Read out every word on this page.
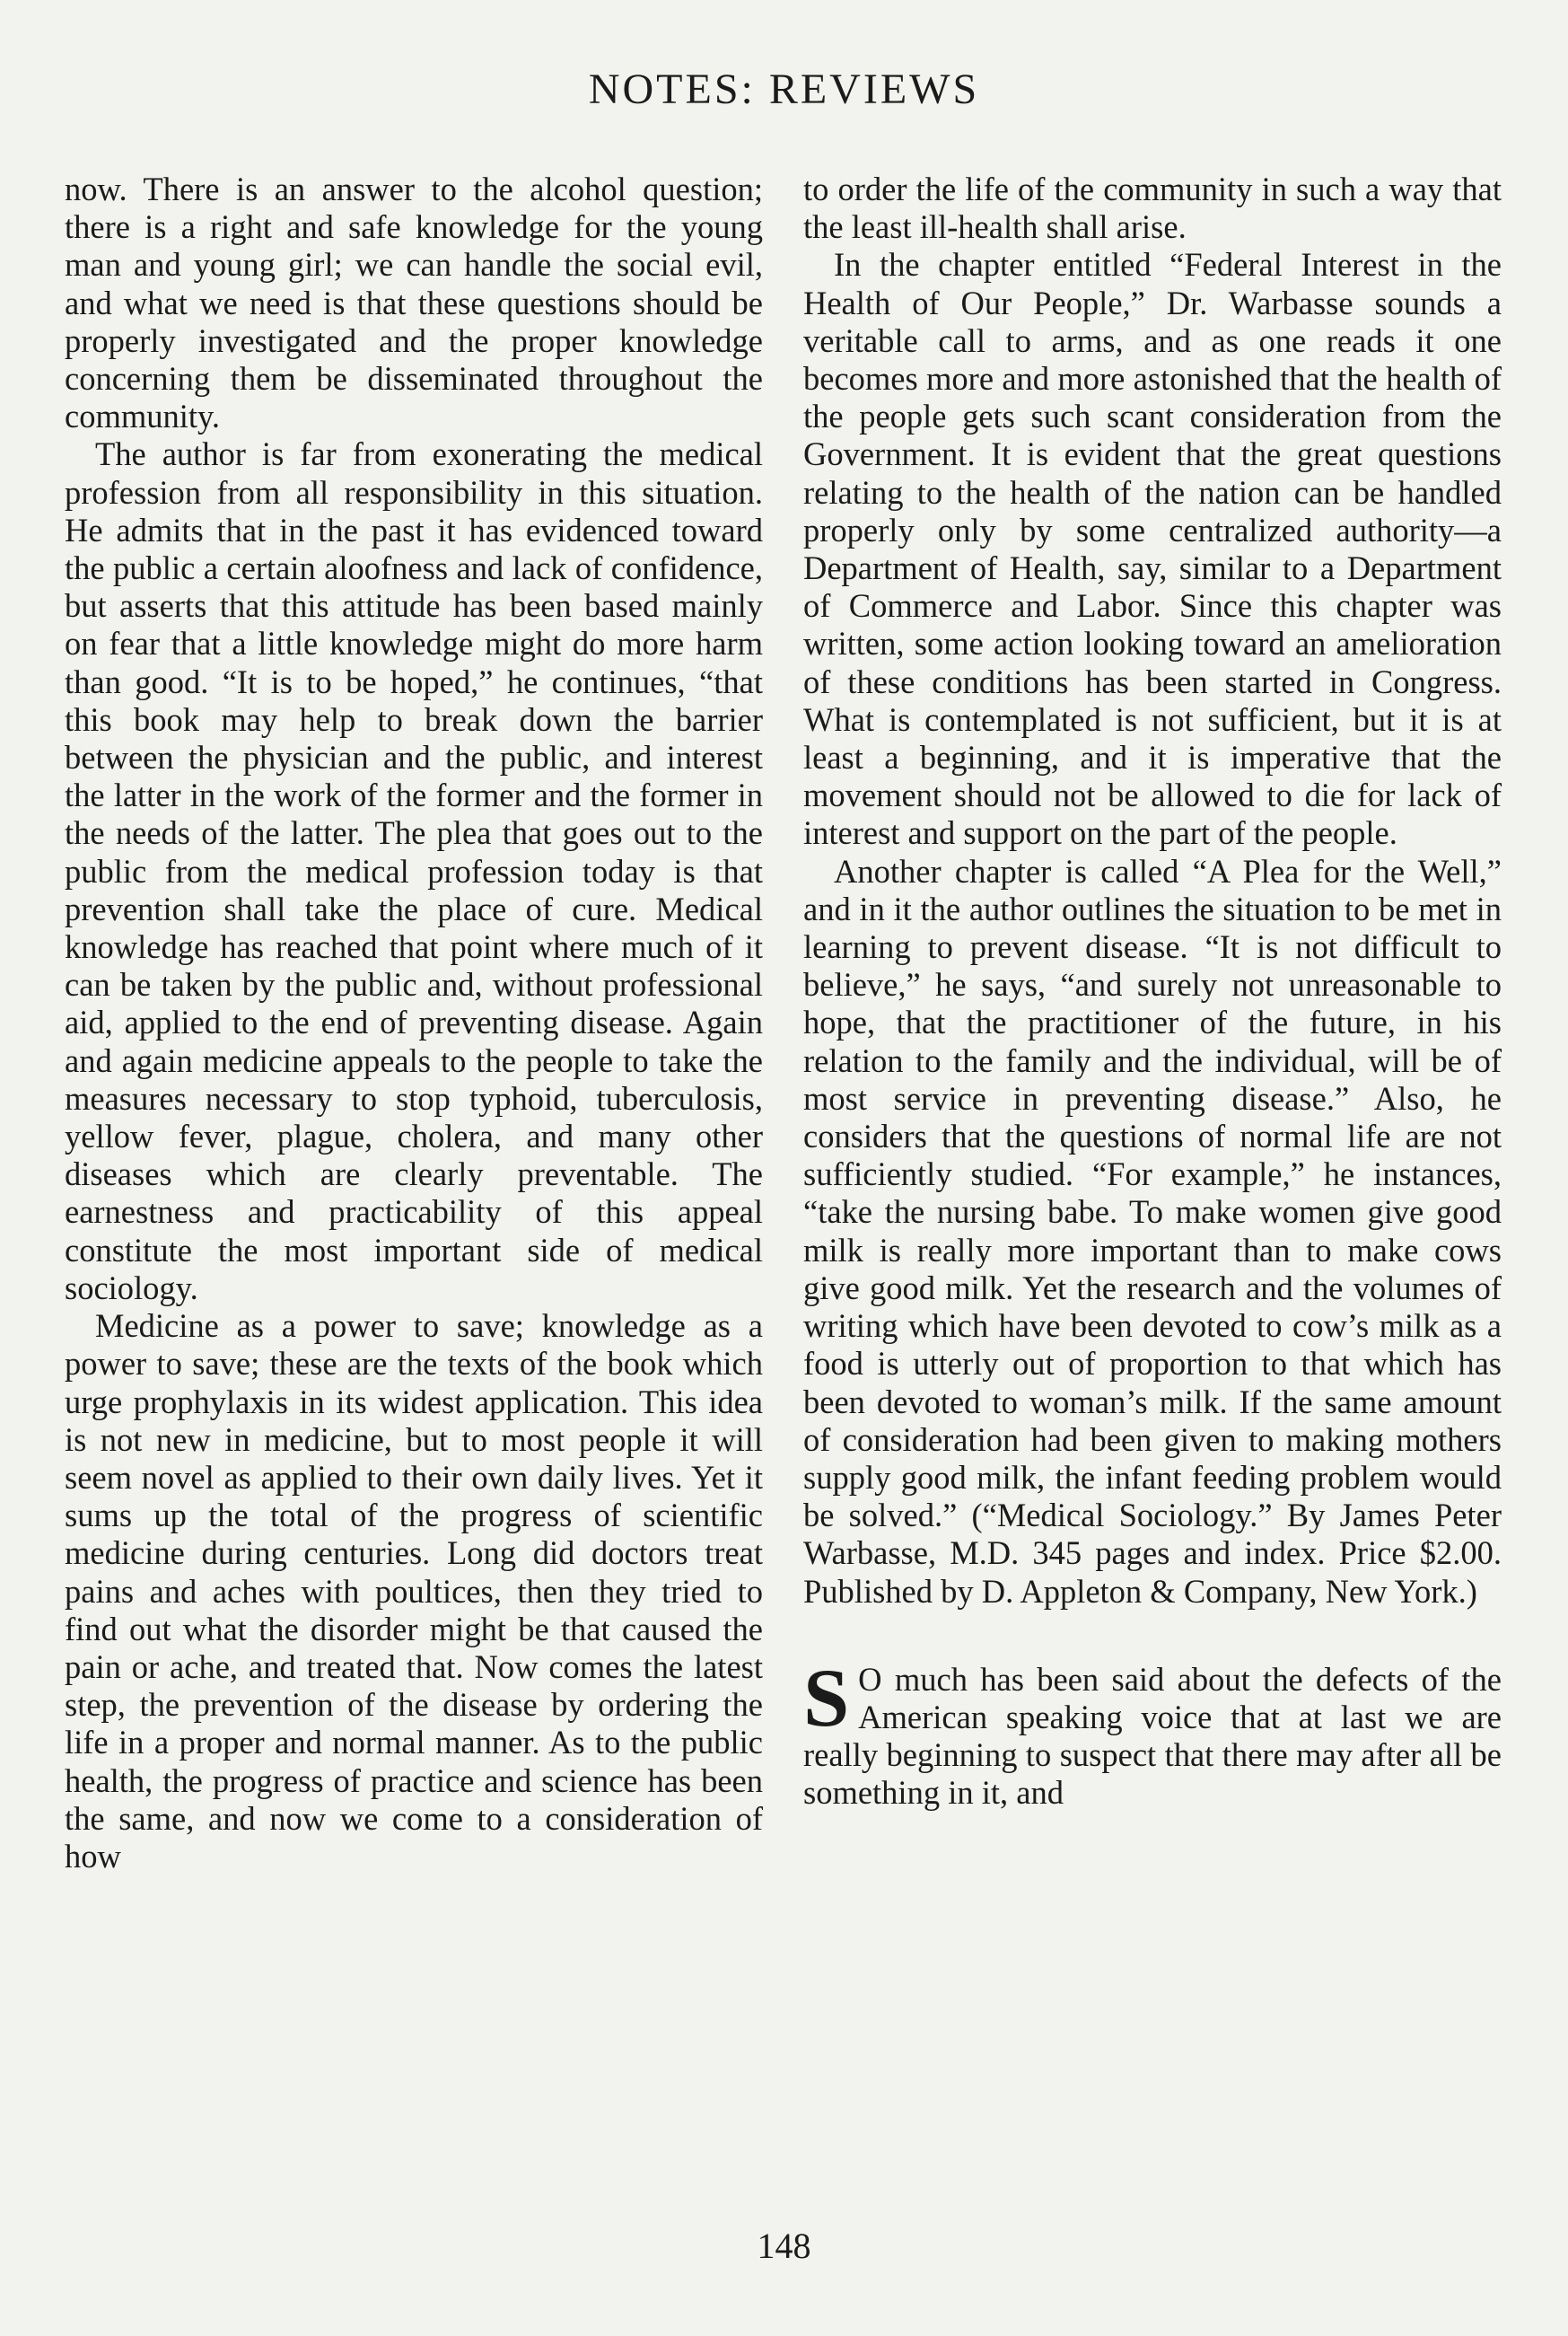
NOTES: REVIEWS

now. There is an answer to the alcohol question; there is a right and safe knowledge for the young man and young girl; we can handle the social evil, and what we need is that these questions should be properly investigated and the proper knowledge concerning them be disseminated throughout the community.

The author is far from exonerating the medical profession from all responsibility in this situation. He admits that in the past it has evidenced toward the public a certain aloofness and lack of confidence, but asserts that this attitude has been based mainly on fear that a little knowledge might do more harm than good. “It is to be hoped,” he continues, “that this book may help to break down the barrier between the physician and the public, and interest the latter in the work of the former and the former in the needs of the latter. The plea that goes out to the public from the medical profession today is that prevention shall take the place of cure. Medical knowledge has reached that point where much of it can be taken by the public and, without professional aid, applied to the end of preventing disease. Again and again medicine appeals to the people to take the measures necessary to stop typhoid, tuberculosis, yellow fever, plague, cholera, and many other diseases which are clearly preventable. The earnestness and practicability of this appeal constitute the most important side of medical sociology.

Medicine as a power to save; knowledge as a power to save; these are the texts of the book which urge prophylaxis in its widest application. This idea is not new in medicine, but to most people it will seem novel as applied to their own daily lives. Yet it sums up the total of the progress of scientific medicine during centuries. Long did doctors treat pains and aches with poultices, then they tried to find out what the disorder might be that caused the pain or ache, and treated that. Now comes the latest step, the prevention of the disease by ordering the life in a proper and normal manner. As to the public health, the progress of practice and science has been the same, and now we come to a consideration of how

to order the life of the community in such a way that the least ill-health shall arise.

In the chapter entitled “Federal Interest in the Health of Our People,” Dr. Warbasse sounds a veritable call to arms, and as one reads it one becomes more and more astonished that the health of the people gets such scant consideration from the Government. It is evident that the great questions relating to the health of the nation can be handled properly only by some centralized authority—a Department of Health, say, similar to a Department of Commerce and Labor. Since this chapter was written, some action looking toward an amelioration of these conditions has been started in Congress. What is contemplated is not sufficient, but it is at least a beginning, and it is imperative that the movement should not be allowed to die for lack of interest and support on the part of the people.

Another chapter is called “A Plea for the Well,” and in it the author outlines the situation to be met in learning to prevent disease. “It is not difficult to believe,” he says, “and surely not unreasonable to hope, that the practitioner of the future, in his relation to the family and the individual, will be of most service in preventing disease.” Also, he considers that the questions of normal life are not sufficiently studied. “For example,” he instances, “take the nursing babe. To make women give good milk is really more important than to make cows give good milk. Yet the research and the volumes of writing which have been devoted to cow’s milk as a food is utterly out of proportion to that which has been devoted to woman’s milk. If the same amount of consideration had been given to making mothers supply good milk, the infant feeding problem would be solved.” (“Medical Sociology.” By James Peter Warbasse, M.D. 345 pages and index. Price $2.00. Published by D. Appleton & Company, New York.)

S O much has been said about the defects of the American speaking voice that at last we are really beginning to suspect that there may after all be something in it, and

148
